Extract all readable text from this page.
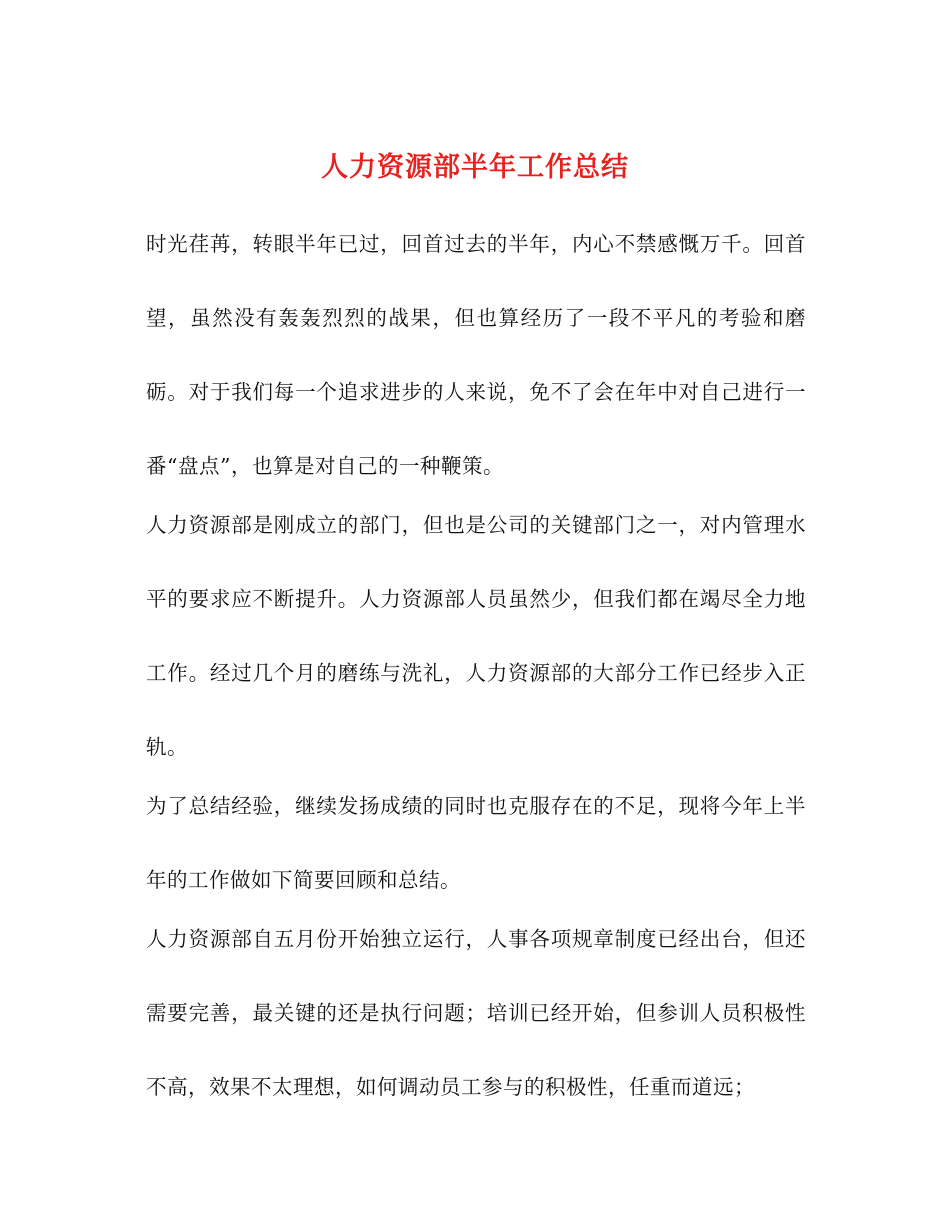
人力资源部半年工作总结

时光荏苒，转眼半年已过，回首过去的半年，内心不禁感慨万千。回首望，虽然没有轰轰烈烈的战果，但也算经历了一段不平凡的考验和磨砺。对于我们每一个追求进步的人来说，免不了会在年中对自己进行一番“盘点”，也算是对自己的一种鞭策。

人力资源部是刚成立的部门，但也是公司的关键部门之一，对内管理水平的要求应不断提升。人力资源部人员虽然少，但我们都在竭尽全力地工作。经过几个月的磨练与洗礼，人力资源部的大部分工作已经步入正轨。

为了总结经验，继续发扬成绩的同时也克服存在的不足，现将今年上半年的工作做如下简要回顾和总结。

人力资源部自五月份开始独立运行，人事各项规章制度已经出台，但还需要完善，最关键的还是执行问题；培训已经开始，但参训人员积极性不高，效果不太理想，如何调动员工参与的积极性，任重而道远；
